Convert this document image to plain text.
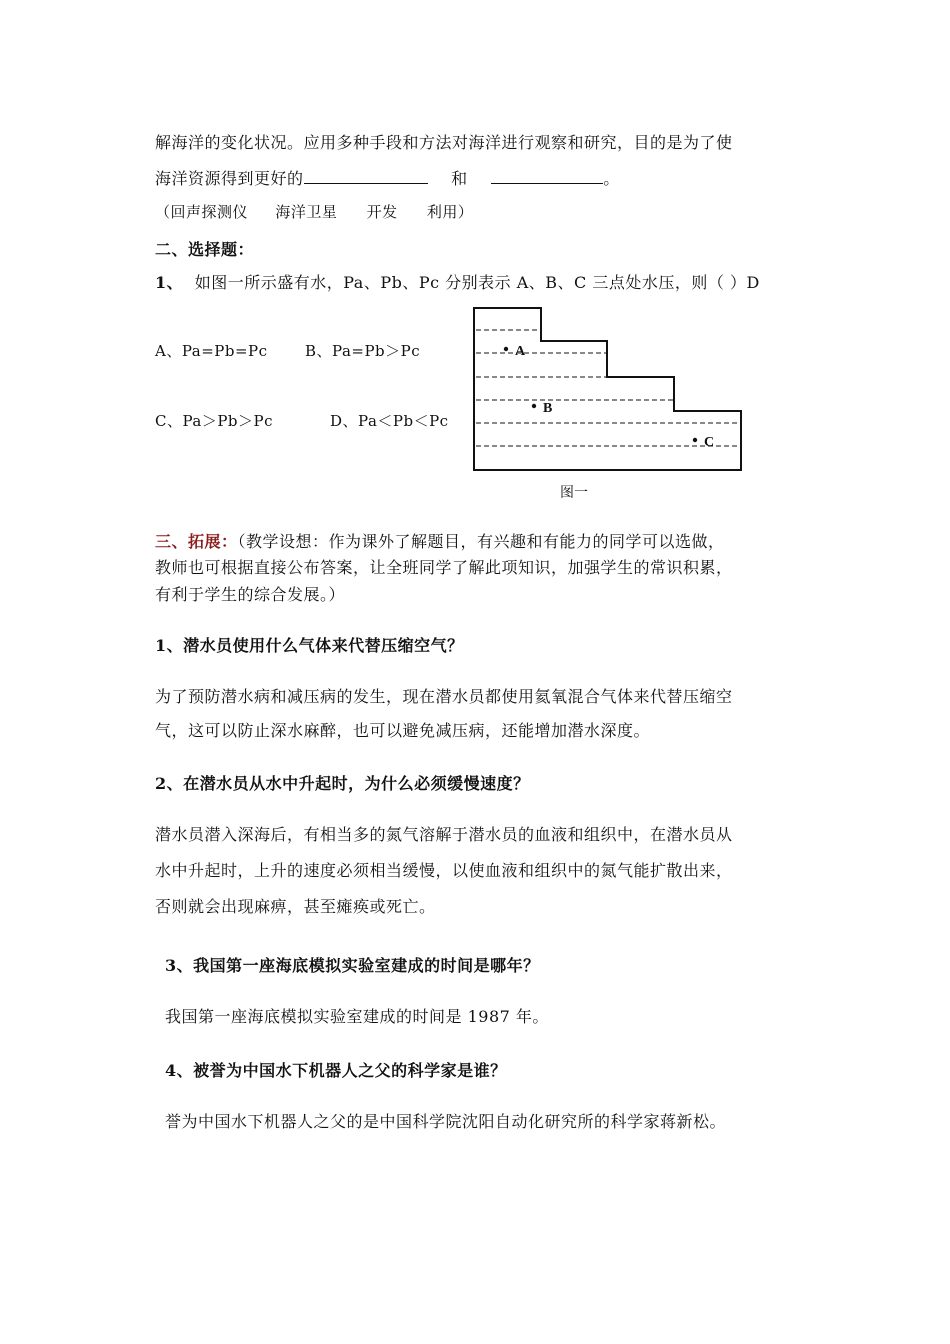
解海洋的变化状况。应用多种手段和方法对海洋进行观察和研究，目的是为了使
海洋资源得到更好的	和	。
（回声探测仪 海洋卫星 开发 利用）
二、选择题：
1、 如图一所示盛有水，Pa、Pb、Pc 分别表示 A、B、C 三点处水压，则（ ）D
A、Pa=Pb=Pc B、Pa=Pb＞Pc
C、Pa＞Pb＞Pc	D、Pa＜Pb＜Pc
A
B
C
图一
三、拓展：（教学设想：作为课外了解题目，有兴趣和有能力的同学可以选做，
教师也可根据直接公布答案，让全班同学了解此项知识，加强学生的常识积累，
有利于学生的综合发展。）
1、潜水员使用什么气体来代替压缩空气？
为了预防潜水病和减压病的发生，现在潜水员都使用氦氧混合气体来代替压缩空
气，这可以防止深水麻醉，也可以避免减压病，还能增加潜水深度。
2、在潜水员从水中升起时，为什么必须缓慢速度？
潜水员潜入深海后，有相当多的氮气溶解于潜水员的血液和组织中，在潜水员从
水中升起时，上升的速度必须相当缓慢，以使血液和组织中的氮气能扩散出来，
否则就会出现麻痹，甚至瘫痪或死亡。
3、我国第一座海底模拟实验室建成的时间是哪年？
我国第一座海底模拟实验室建成的时间是 1987 年。
4、被誉为中国水下机器人之父的科学家是谁？
誉为中国水下机器人之父的是中国科学院沈阳自动化研究所的科学家蒋新松。
